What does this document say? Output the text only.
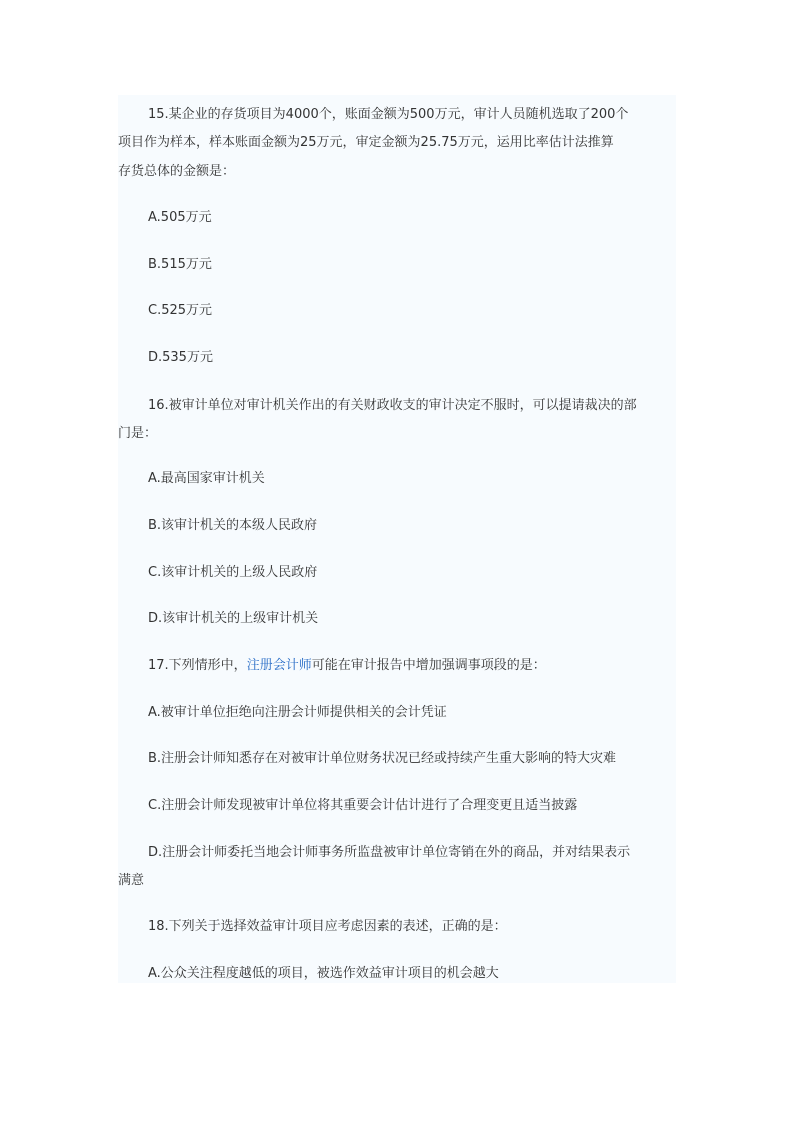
15.某企业的存货项目为4000个，账面金额为500万元，审计人员随机选取了200个
项目作为样本，样本账面金额为25万元，审定金额为25.75万元，运用比率估计法推算
存货总体的金额是：
A.505万元
B.515万元
C.525万元
D.535万元
16.被审计单位对审计机关作出的有关财政收支的审计决定不服时，可以提请裁决的部
门是：
A.最高国家审计机关
B.该审计机关的本级人民政府
C.该审计机关的上级人民政府
D.该审计机关的上级审计机关
17.下列情形中，注册会计师可能在审计报告中增加强调事项段的是：
A.被审计单位拒绝向注册会计师提供相关的会计凭证
B.注册会计师知悉存在对被审计单位财务状况已经或持续产生重大影响的特大灾难
C.注册会计师发现被审计单位将其重要会计估计进行了合理变更且适当披露
D.注册会计师委托当地会计师事务所监盘被审计单位寄销在外的商品，并对结果表示
满意
18.下列关于选择效益审计项目应考虑因素的表述，正确的是：
A.公众关注程度越低的项目，被选作效益审计项目的机会越大
